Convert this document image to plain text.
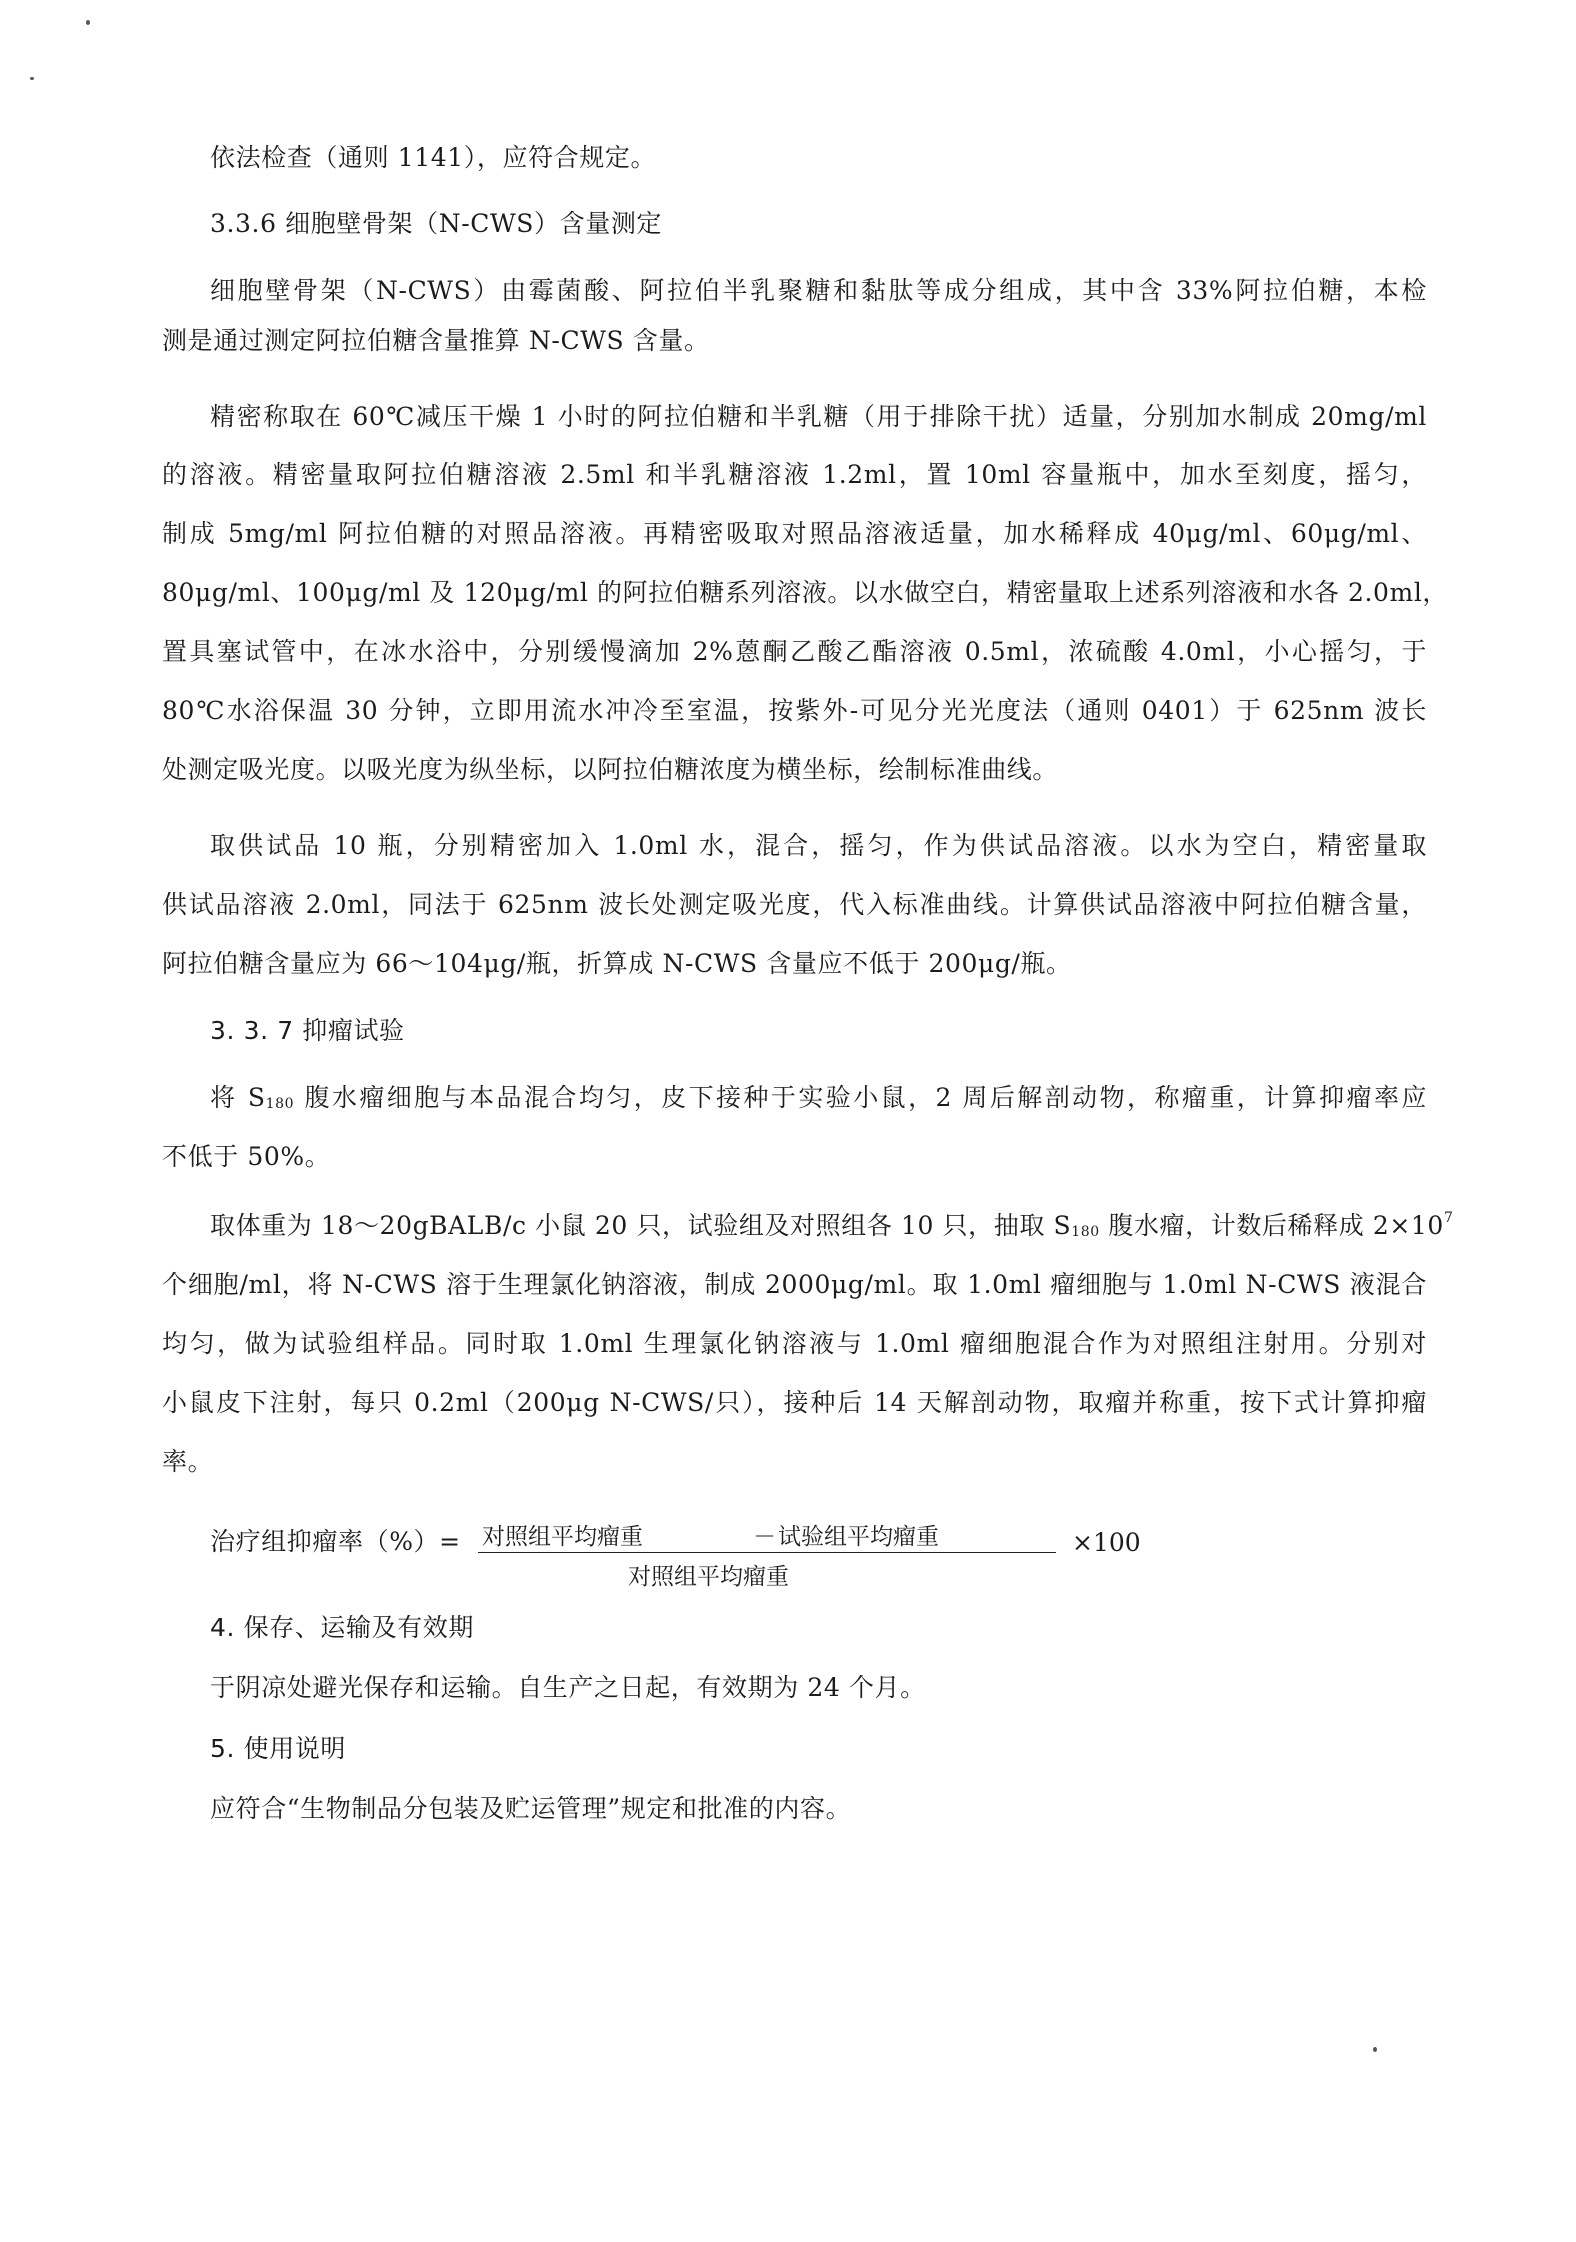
依法检查（通则 1141），应符合规定。
3.3.6 细胞壁骨架（N-CWS）含量测定
细胞壁骨架（N-CWS）由霉菌酸、阿拉伯半乳聚糖和黏肽等成分组成，其中含 33%阿拉伯糖，本检
测是通过测定阿拉伯糖含量推算 N-CWS 含量。
精密称取在 60℃减压干燥 1 小时的阿拉伯糖和半乳糖（用于排除干扰）适量，分别加水制成 20mg/ml
的溶液。精密量取阿拉伯糖溶液 2.5ml 和半乳糖溶液 1.2ml，置 10ml 容量瓶中，加水至刻度，摇匀，
制成 5mg/ml 阿拉伯糖的对照品溶液。再精密吸取对照品溶液适量，加水稀释成 40μg/ml、60μg/ml、
80μg/ml、100μg/ml 及 120μg/ml 的阿拉伯糖系列溶液。以水做空白，精密量取上述系列溶液和水各 2.0ml，
置具塞试管中，在冰水浴中，分别缓慢滴加 2%蒽酮乙酸乙酯溶液 0.5ml，浓硫酸 4.0ml，小心摇匀，于
80℃水浴保温 30 分钟，立即用流水冲冷至室温，按紫外-可见分光光度法（通则 0401）于 625nm 波长
处测定吸光度。以吸光度为纵坐标，以阿拉伯糖浓度为横坐标，绘制标准曲线。
取供试品 10 瓶，分别精密加入 1.0ml 水，混合，摇匀，作为供试品溶液。以水为空白，精密量取
供试品溶液 2.0ml，同法于 625nm 波长处测定吸光度，代入标准曲线。计算供试品溶液中阿拉伯糖含量，
阿拉伯糖含量应为 66～104μg/瓶，折算成 N-CWS 含量应不低于 200μg/瓶。
3. 3. 7 抑瘤试验
将 $S_{180}$ 腹水瘤细胞与本品混合均匀，皮下接种于实验小鼠，2 周后解剖动物，称瘤重，计算抑瘤率应
不低于 50%。
取体重为 18～20gBALB/c 小鼠 20 只，试验组及对照组各 10 只，抽取 $S_{180}$ 腹水瘤，计数后稀释成 $2\times 10^7$
个细胞/ml，将 N-CWS 溶于生理氯化钠溶液，制成 2000μg/ml。取 1.0ml 瘤细胞与 1.0ml N-CWS 液混合
均匀，做为试验组样品。同时取 1.0ml 生理氯化钠溶液与 1.0ml 瘤细胞混合作为对照组注射用。分别对
小鼠皮下注射，每只 0.2ml（200μg N-CWS/只），接种后 14 天解剖动物，取瘤并称重，按下式计算抑瘤
率。
治疗组抑瘤率（%）= 对照组平均瘤重	－ 试验组平均瘤重
对照组平均瘤重
×100
4. 保存、运输及有效期
于阴凉处避光保存和运输。自生产之日起，有效期为 24 个月。
5. 使用说明
应符合“生物制品分包装及贮运管理”规定和批准的内容。
